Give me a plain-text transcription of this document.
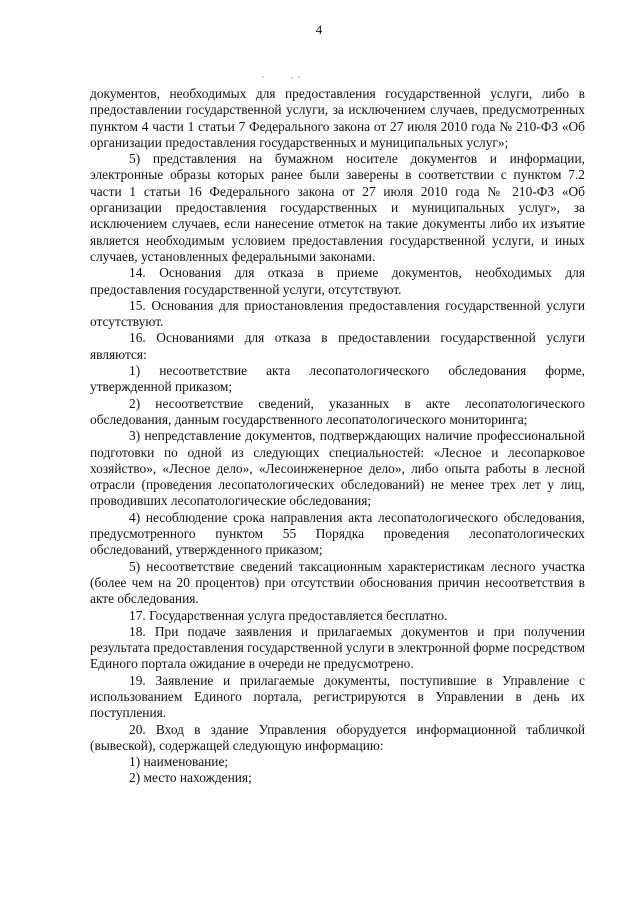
4

документов, необходимых для предоставления государственной услуги, либо в предоставлении государственной услуги, за исключением случаев, предусмотренных пунктом 4 части 1 статьи 7 Федерального закона от 27 июля 2010 года № 210-ФЗ «Об организации предоставления государственных и муниципальных услуг»;

5) представления на бумажном носителе документов и информации, электронные образы которых ранее были заверены в соответствии с пунктом 7.2 части 1 статьи 16 Федерального закона от 27 июля 2010 года № 210-ФЗ «Об организации предоставления государственных и муниципальных услуг», за исключением случаев, если нанесение отметок на такие документы либо их изъятие является необходимым условием предоставления государственной услуги, и иных случаев, установленных федеральными законами.

14. Основания для отказа в приеме документов, необходимых для предоставления государственной услуги, отсутствуют.

15. Основания для приостановления предоставления государственной услуги отсутствуют.

16. Основаниями для отказа в предоставлении государственной услуги являются:

1) несоответствие акта лесопатологического обследования форме, утвержденной приказом;

2) несоответствие сведений, указанных в акте лесопатологического обследования, данным государственного лесопатологического мониторинга;

3) непредставление документов, подтверждающих наличие профессиональной подготовки по одной из следующих специальностей: «Лесное и лесопарковое хозяйство», «Лесное дело», «Лесоинженерное дело», либо опыта работы в лесной отрасли (проведения лесопатологических обследований) не менее трех лет у лиц, проводивших лесопатологические обследования;

4) несоблюдение срока направления акта лесопатологического обследования, предусмотренного пунктом 55 Порядка проведения лесопатологических обследований, утвержденного приказом;

5) несоответствие сведений таксационным характеристикам лесного участка (более чем на 20 процентов) при отсутствии обоснования причин несоответствия в акте обследования.

17. Государственная услуга предоставляется бесплатно.

18. При подаче заявления и прилагаемых документов и при получении результата предоставления государственной услуги в электронной форме посредством Единого портала ожидание в очереди не предусмотрено.

19. Заявление и прилагаемые документы, поступившие в Управление с использованием Единого портала, регистрируются в Управлении в день их поступления.

20. Вход в здание Управления оборудуется информационной табличкой (вывеской), содержащей следующую информацию:

1) наименование;

2) место нахождения;
